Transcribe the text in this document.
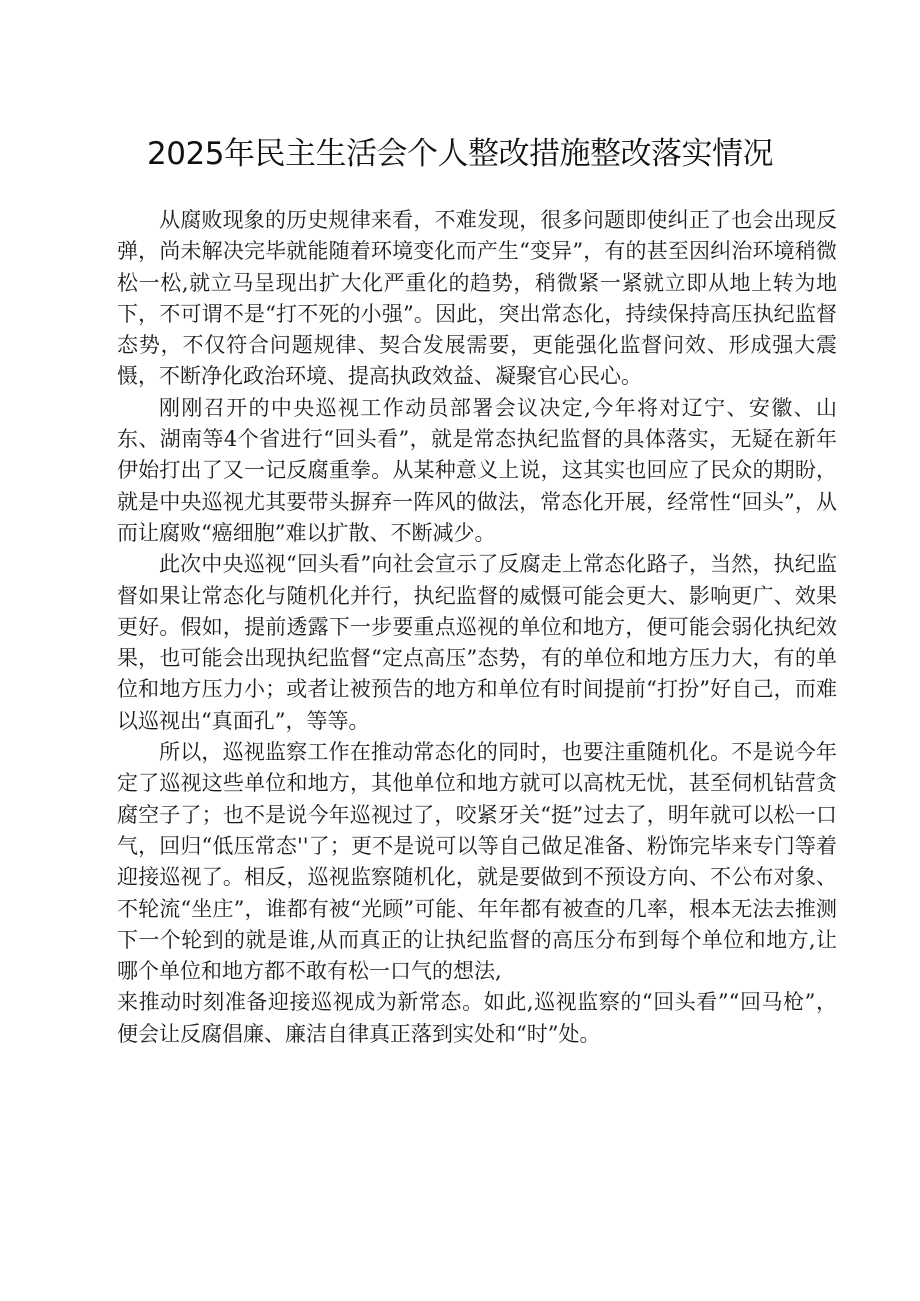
2025年民主生活会个人整改措施整改落实情况

从腐败现象的历史规律来看，不难发现，很多问题即使纠正了也会出现反弹，尚未解决完毕就能随着环境变化而产生“变异”，有的甚至因纠治环境稍微松一松,就立马呈现出扩大化严重化的趋势，稍微紧一紧就立即从地上转为地下，不可谓不是“打不死的小强”。因此，突出常态化，持续保持高压执纪监督态势，不仅符合问题规律、契合发展需要，更能强化监督问效、形成强大震慑，不断净化政治环境、提高执政效益、凝聚官心民心。

刚刚召开的中央巡视工作动员部署会议决定,今年将对辽宁、安徽、山东、湖南等4个省进行“回头看”，就是常态执纪监督的具体落实，无疑在新年伊始打出了又一记反腐重拳。从某种意义上说，这其实也回应了民众的期盼，就是中央巡视尤其要带头摒弃一阵风的做法，常态化开展，经常性“回头”，从而让腐败“癌细胞”难以扩散、不断减少。

此次中央巡视“回头看”向社会宣示了反腐走上常态化路子，当然，执纪监督如果让常态化与随机化并行，执纪监督的威慑可能会更大、影响更广、效果更好。假如，提前透露下一步要重点巡视的单位和地方，便可能会弱化执纪效果，也可能会出现执纪监督“定点高压”态势，有的单位和地方压力大，有的单位和地方压力小；或者让被预告的地方和单位有时间提前“打扮”好自己，而难以巡视出“真面孔”，等等。

所以，巡视监察工作在推动常态化的同时，也要注重随机化。不是说今年定了巡视这些单位和地方，其他单位和地方就可以高枕无忧，甚至伺机钻营贪腐空子了；也不是说今年巡视过了，咬紧牙关“挺”过去了，明年就可以松一口气，回归“低压常态''了；更不是说可以等自己做足准备、粉饰完毕来专门等着迎接巡视了。相反，巡视监察随机化，就是要做到不预设方向、不公布对象、不轮流“坐庄”，谁都有被“光顾”可能、年年都有被查的几率，根本无法去推测下一个轮到的就是谁,从而真正的让执纪监督的高压分布到每个单位和地方,让哪个单位和地方都不敢有松一口气的想法,

来推动时刻准备迎接巡视成为新常态。如此,巡视监察的“回头看”“回马枪”，便会让反腐倡廉、廉洁自律真正落到实处和“时”处。
